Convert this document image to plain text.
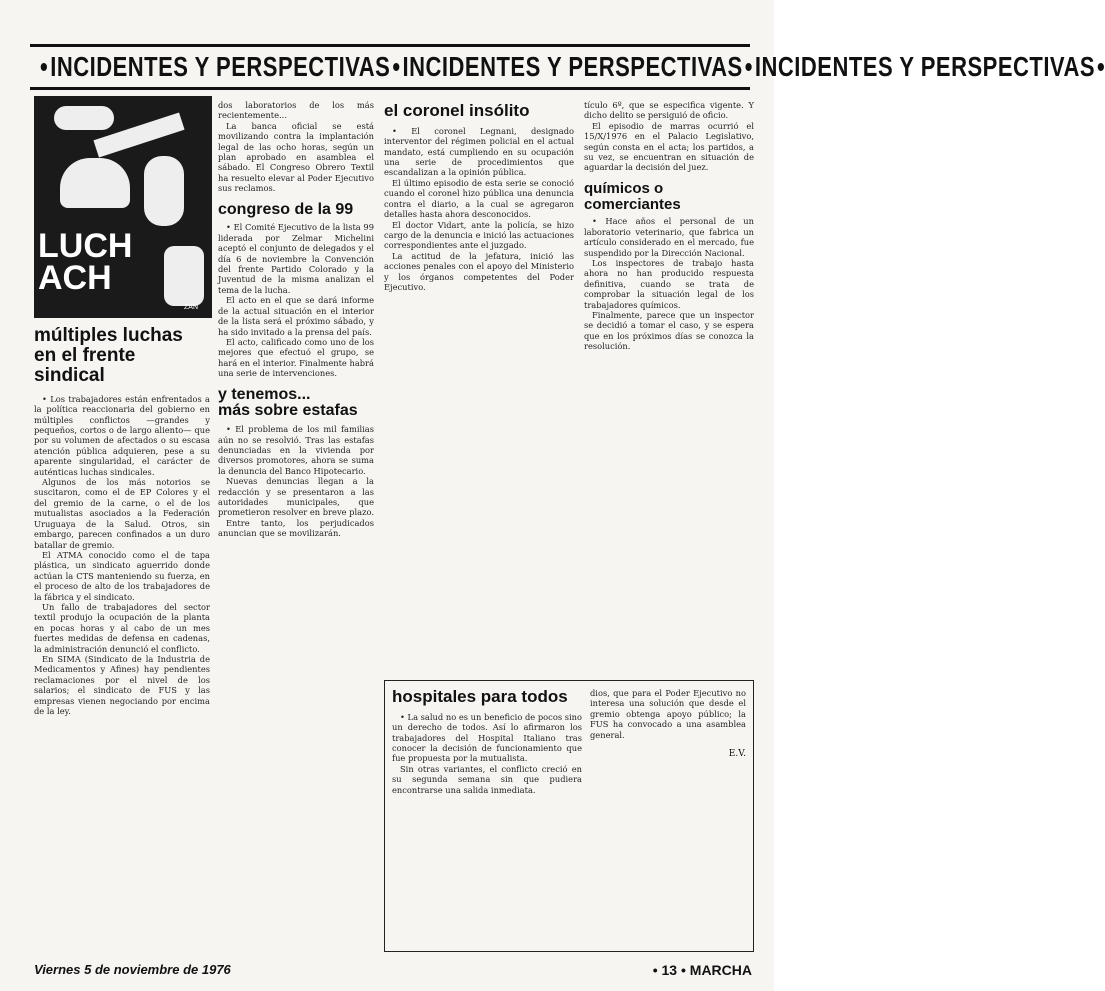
• INCIDENTES Y PERSPECTIVAS • INCIDENTES Y PERSPECTIVAS • INCIDENTES Y PERSPECTIVAS •
LUCH
ACH
ZAN
múltiples luchas
en el frente sindical

• Los trabajadores están enfrentados a la política reaccionaria del gobierno en múltiples conflictos —grandes y pequeños, cortos o de largo aliento— que por su volumen de afectados o su escasa atención pública adquieren, pese a su aparente singularidad, el carácter de auténticas luchas sindicales.

Algunos de los más notorios se suscitaron, como el de EP Colores y el del gremio de la carne, o el de los mutualistas asociados a la Federación Uruguaya de la Salud. Otros, sin embargo, parecen confinados a un duro batallar de gremio.

El ATMA conocido como el de tapa plástica, un sindicato aguerrido donde actúan la CTS manteniendo su fuerza, en el proceso de alto de los trabajadores de la fábrica y el sindicato.

Un fallo de trabajadores del sector textil produjo la ocupación de la planta en pocas horas y al cabo de un mes fuertes medidas de defensa en cadenas, la administración denunció el conflicto.

En SIMA (Sindicato de la Industria de Medicamentos y Afines) hay pendientes reclamaciones por el nivel de los salarios; el sindicato de FUS y las empresas vienen negociando por encima de la ley.

dos laboratorios de los más recientemente...

La banca oficial se está movilizando contra la implantación legal de las ocho horas, según un plan aprobado en asamblea el sábado. El Congreso Obrero Textil ha resuelto elevar al Poder Ejecutivo sus reclamos.

congreso de la 99

• El Comité Ejecutivo de la lista 99 liderada por Zelmar Michelini aceptó el conjunto de delegados y el día 6 de noviembre la Convención del frente Partido Colorado y la Juventud de la misma analizan el tema de la lucha.

El acto en el que se dará informe de la actual situación en el interior de la lista será el próximo sábado, y ha sido invitado a la prensa del país.

El acto, calificado como uno de los mejores que efectuó el grupo, se hará en el interior. Finalmente habrá una serie de intervenciones.

y tenemos...
más sobre estafas

• El problema de los mil familias aún no se resolvió. Tras las estafas denunciadas en la vivienda por diversos promotores, ahora se suma la denuncia del Banco Hipotecario.

Nuevas denuncias llegan a la redacción y se presentaron a las autoridades municipales, que prometieron resolver en breve plazo.

Entre tanto, los perjudicados anuncian que se movilizarán.

el coronel insólito

• El coronel Legnani, designado interventor del régimen policial en el actual mandato, está cumpliendo en su ocupación una serie de procedimientos que escandalizan a la opinión pública.

El último episodio de esta serie se conoció cuando el coronel hizo pública una denuncia contra el diario, a la cual se agregaron detalles hasta ahora desconocidos.

El doctor Vidart, ante la policía, se hizo cargo de la denuncia e inició las actuaciones correspondientes ante el juzgado.

La actitud de la jefatura, inició las acciones penales con el apoyo del Ministerio y los órganos competentes del Poder Ejecutivo.

tículo 6º, que se especifica vigente. Y dicho delito se persiguió de oficio.

El episodio de marras ocurrió el 15/X/1976 en el Palacio Legislativo, según consta en el acta; los partidos, a su vez, se encuentran en situación de aguardar la decisión del juez.

químicos o comerciantes

• Hace años el personal de un laboratorio veterinario, que fabrica un artículo considerado en el mercado, fue suspendido por la Dirección Nacional.

Los inspectores de trabajo hasta ahora no han producido respuesta definitiva, cuando se trata de comprobar la situación legal de los trabajadores químicos.

Finalmente, parece que un inspector se decidió a tomar el caso, y se espera que en los próximos días se conozca la resolución.

hospitales para todos

• La salud no es un beneficio de pocos sino un derecho de todos. Así lo afirmaron los trabajadores del Hospital Italiano tras conocer la decisión de funcionamiento que fue propuesta por la mutualista.

Sin otras variantes, el conflicto creció en su segunda semana sin que pudiera encontrarse una salida inmediata.

dios, que para el Poder Ejecutivo no interesa una solución que desde el gremio obtenga apoyo público; la FUS ha convocado a una asamblea general.

E.V.

Viernes 5 de noviembre de 1976	• 13 • MARCHA
